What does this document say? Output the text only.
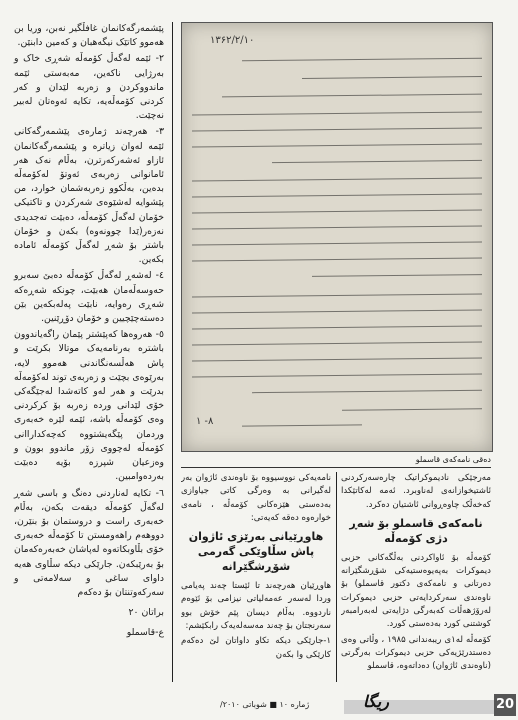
پێشمەرگەکانمان غافڵگیر نەبن، وریا بن هەموو کاتێک نیگەهبان و کەمین دابنێن.

٢- ئێمە لەگەڵ کۆمەڵە شەڕی خاک و بەرژایی ناکەین، مەبەستی ئێمە ماندووکردن و زەربە لێدان و کەر کردنی کۆمەڵەیە، تکایە ئەوەتان لەبیر نەچێت.

٣- هەرچەند ژمارەی پێشمەرگەکانی ئێمە لەوان زیاترە و پێشمەرگەکانمان ئازاو ئەشەرکەرترن، بەڵام نەک هەر ئامانوانی زەربەی ئەوتۆ لەکۆمەڵە بدەین، بەڵکوو زەربەشمان خوارد، من پێشوایە لەشێوەی شەرکردن و تاکتیکی خۆمان لەگەڵ کۆمەڵە، دەبێت تەجدیدی نەزەر(ێدا چوونەوە) بکەن و خۆمان باشتر بۆ شەڕ لەگەڵ کۆمەڵە ئامادە بکەین.

٤- لەشەڕ لەگەڵ کۆمەڵە دەبێ سەبرو حەوسەڵەمان هەبێت، چونکە شەڕەکە شەڕی رەوایە، نابێت پەلەبکەین بێن دەستەچێچیین و خۆمان دۆڕێنین.

٥- هەروەها کەپێشتر پێمان راگەیاندوون باشترە بەرنامەیەک موتالا بکرێت و پاش هەڵسەنگاندنی هەموو لایە، بەرێوەی بچێت و زەربەی توند لەکۆمەڵە بدرێت و هەر لەو کاتەشدا لەجێگەکی خۆی لێدانی وردە زەربە بۆ کرکردنی وەی کۆمەڵە باشە، ئێمە لێرە خەبەری وردمان پێگەیشتووە کەچەکداراانی کۆمەڵە لەچووی زۆر ماندوو بوون و وەزعیان شپرزە بۆیە دەبێت بەردەوامبین.

٦- تکایە لەناردنی دەنگ و باسی شەڕ لەگەڵ کۆمەڵە دیقەت بکەن، بەڵام خەبەری راست و دروستمان بۆ بنێرن، دووهەم راهەومستن تا کۆمەڵە خەبەری خۆی بڵاوبکاتەوە لەپاشان خەبەرەکەمان بۆ بەرێبکەن. جارێکی دیکە سڵاوی هەیە داوای ساغی و سەلامەتی و سەرکەوتنتان بۆ دەکەم

براتان ٢٠
ع-قاسملو
١٣۶٢/٢/١٠
٨- ١
دەقی نامەکەی قاسملو

نامەیەکی نووسیووە بۆ ناوەندی ئاژوان بەر لەگیرانی بە وەرگی کاتی جیاوازی بەدەستی هێزەکانی کۆمەڵە ، نامەی خوارەوە دەقە کەیەتی:

هاوڕێیانی بەرێزی ئاژوان پاش سڵاوێکی گەرمی شۆڕشگێرانە

هاوڕێیان هەرچەند تا ئێستا چەند پەیامی وردا لەسەر عەمەلیاتی نیزامی بۆ ئێوەم ناردووە. بەڵام دیسان پێم خۆش بوو سەرنجتان بۆ چەند مەسەلەیەک رابکێشم:

١-جارێکی دیکە تکاو داواتان لێ دەکەم کارێکی وا بکەن

مەرجێکی نادیموکراتیک چارەسەرکردنی ئاشتیخوازانەی لەناوبرد. ئەمە لەکاتێکدا کەخەڵک چاوەڕوانی ئاشتیان دەکرد.

نامەکەی قاسملو بۆ شەڕ دژی کۆمەڵە

کۆمەڵە بۆ ئاواکردنی بەڵگەکانی حزبی دیموکرات بەپەیوەستیەکی شۆڕشگێرانە دەرتانی و نامەکەی دکتور قاسملو) بۆ ناوەندی سەرکردایەتی حزبی دیموکرات لەرۆژهەڵات کەبەرگی دژایەتی لەبەرامبەر کوشتنی کورد بەدەستی کورد.

کۆمەڵە لە١ی ریبەندانی ١٩٨۵ ، وڵاتی وەی دەستدرێژیەکی حزبی دیموکرات بەرگرتی (ناوەندی ئاژوان) دەداتەوە، قاسملو

ژمارە ١٠ ■ شوباتی ٢٠١٠/	ریگا	20
